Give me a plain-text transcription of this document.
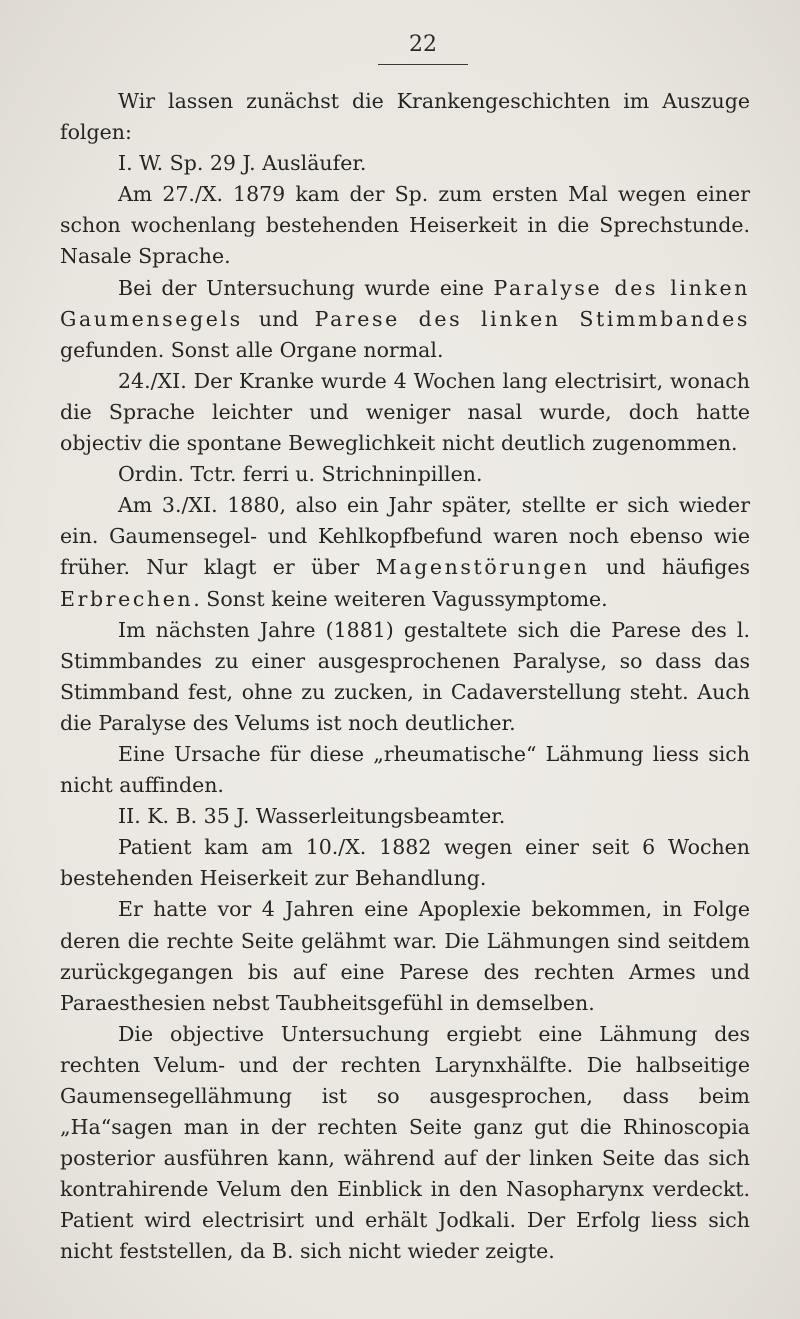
22

Wir lassen zunächst die Krankengeschichten im Auszuge folgen:

I. W. Sp. 29 J. Ausläufer.

Am 27./X. 1879 kam der Sp. zum ersten Mal wegen einer schon wochenlang bestehenden Heiserkeit in die Sprechstunde. Nasale Sprache.

Bei der Untersuchung wurde eine Paralyse des linken Gaumensegels und Parese des linken Stimmbandes gefunden. Sonst alle Organe normal.

24./XI. Der Kranke wurde 4 Wochen lang electrisirt, wonach die Sprache leichter und weniger nasal wurde, doch hatte objectiv die spontane Beweglichkeit nicht deutlich zugenommen.

Ordin. Tctr. ferri u. Strichninpillen.

Am 3./XI. 1880, also ein Jahr später, stellte er sich wieder ein. Gaumensegel- und Kehlkopfbefund waren noch ebenso wie früher. Nur klagt er über Magenstörungen und häufiges Erbrechen. Sonst keine weiteren Vagussymptome.

Im nächsten Jahre (1881) gestaltete sich die Parese des l. Stimmbandes zu einer ausgesprochenen Paralyse, so dass das Stimmband fest, ohne zu zucken, in Cadaverstellung steht. Auch die Paralyse des Velums ist noch deutlicher.

Eine Ursache für diese „rheumatische“ Lähmung liess sich nicht auffinden.

II. K. B. 35 J. Wasserleitungsbeamter.

Patient kam am 10./X. 1882 wegen einer seit 6 Wochen bestehenden Heiserkeit zur Behandlung.

Er hatte vor 4 Jahren eine Apoplexie bekommen, in Folge deren die rechte Seite gelähmt war. Die Lähmungen sind seitdem zurückgegangen bis auf eine Parese des rechten Armes und Paraesthesien nebst Taubheitsgefühl in demselben.

Die objective Untersuchung ergiebt eine Lähmung des rechten Velum- und der rechten Larynxhälfte. Die halbseitige Gaumensegellähmung ist so ausgesprochen, dass beim „Ha“sagen man in der rechten Seite ganz gut die Rhinoscopia posterior ausführen kann, während auf der linken Seite das sich kontrahirende Velum den Einblick in den Nasopharynx verdeckt. Patient wird electrisirt und erhält Jodkali. Der Erfolg liess sich nicht feststellen, da B. sich nicht wieder zeigte.
